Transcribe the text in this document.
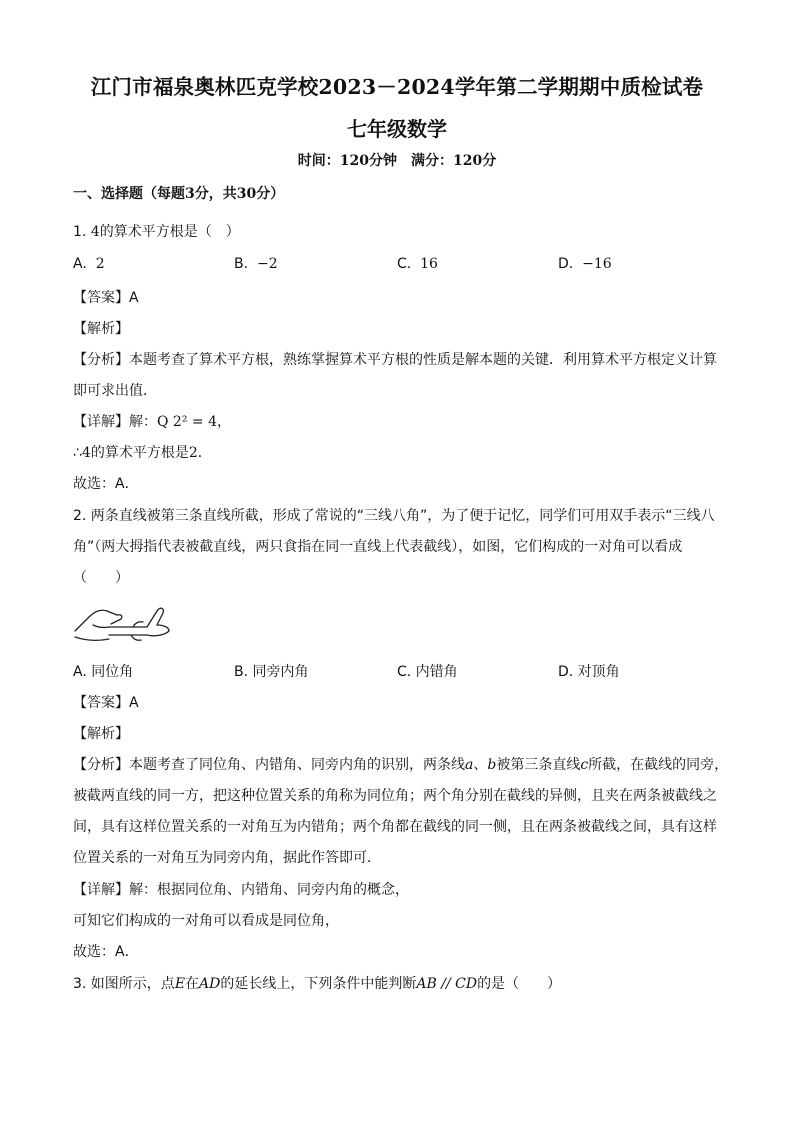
江门市福泉奥林匹克学校2023－2024学年第二学期期中质检试卷
七年级数学
时间：120分钟　满分：120分
一、选择题（每题3分，共30分）
1. 4的算术平方根是（　）
A. 2	B. −2	C. 16	D. −16
【答案】A
【解析】
【分析】本题考查了算术平方根，熟练掌握算术平方根的性质是解本题的关键．利用算术平方根定义计算
即可求出值．
【详解】解：Q 2² = 4，
∴4的算术平方根是2．
故选：A．
2. 两条直线被第三条直线所截，形成了常说的“三线八角”，为了便于记忆，同学们可用双手表示“三线八
角”（两大拇指代表被截直线，两只食指在同一直线上代表截线），如图，它们构成的一对角可以看成
（　　）
A. 同位角	B. 同旁内角	C. 内错角	D. 对顶角
【答案】A
【解析】
【分析】本题考查了同位角、内错角、同旁内角的识别，两条线a、b被第三条直线c所截，在截线的同旁，
被截两直线的同一方，把这种位置关系的角称为同位角；两个角分别在截线的异侧，且夹在两条被截线之
间，具有这样位置关系的一对角互为内错角；两个角都在截线的同一侧，且在两条被截线之间，具有这样
位置关系的一对角互为同旁内角，据此作答即可．
【详解】解：根据同位角、内错角、同旁内角的概念，
可知它们构成的一对角可以看成是同位角，
故选：A．
3. 如图所示，点E在AD的延长线上，下列条件中能判断AB // CD的是（　　）
